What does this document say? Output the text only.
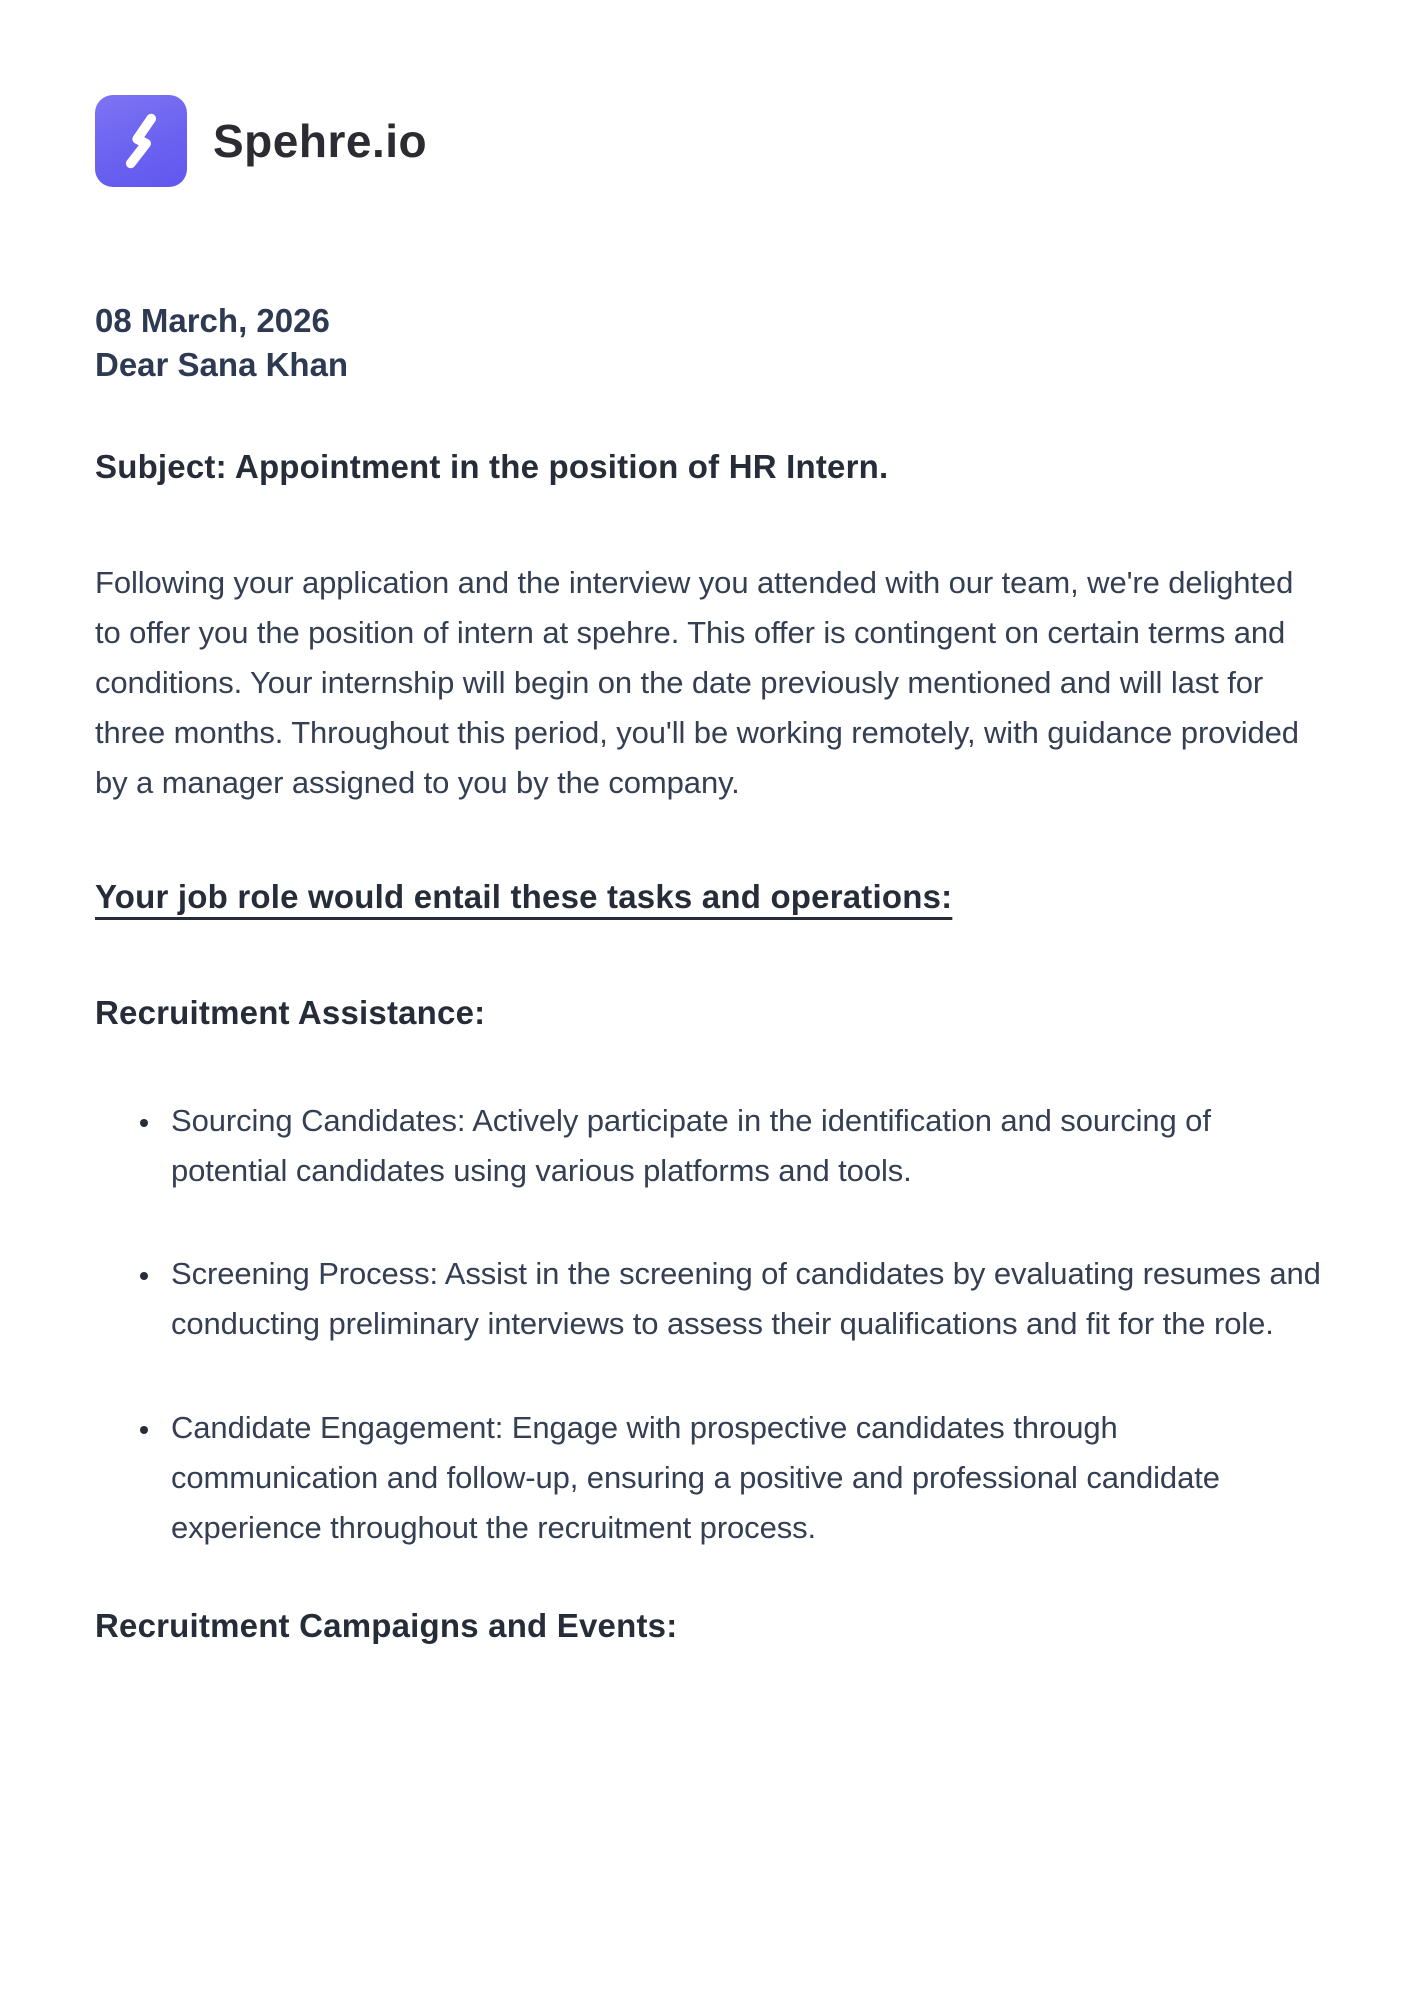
Spehre.io
08 March, 2026
Dear Sana Khan
Subject: Appointment in the position of HR Intern.

Following your application and the interview you attended with our team, we're delighted to offer you the position of intern at spehre. This offer is contingent on certain terms and conditions. Your internship will begin on the date previously mentioned and will last for three months. Throughout this period, you'll be working remotely, with guidance provided by a manager assigned to you by the company.

Your job role would entail these tasks and operations:
Recruitment Assistance:
• Sourcing Candidates: Actively participate in the identification and sourcing of potential candidates using various platforms and tools.
• Screening Process: Assist in the screening of candidates by evaluating resumes and conducting preliminary interviews to assess their qualifications and fit for the role.
• Candidate Engagement: Engage with prospective candidates through communication and follow-up, ensuring a positive and professional candidate experience throughout the recruitment process.
Recruitment Campaigns and Events:
